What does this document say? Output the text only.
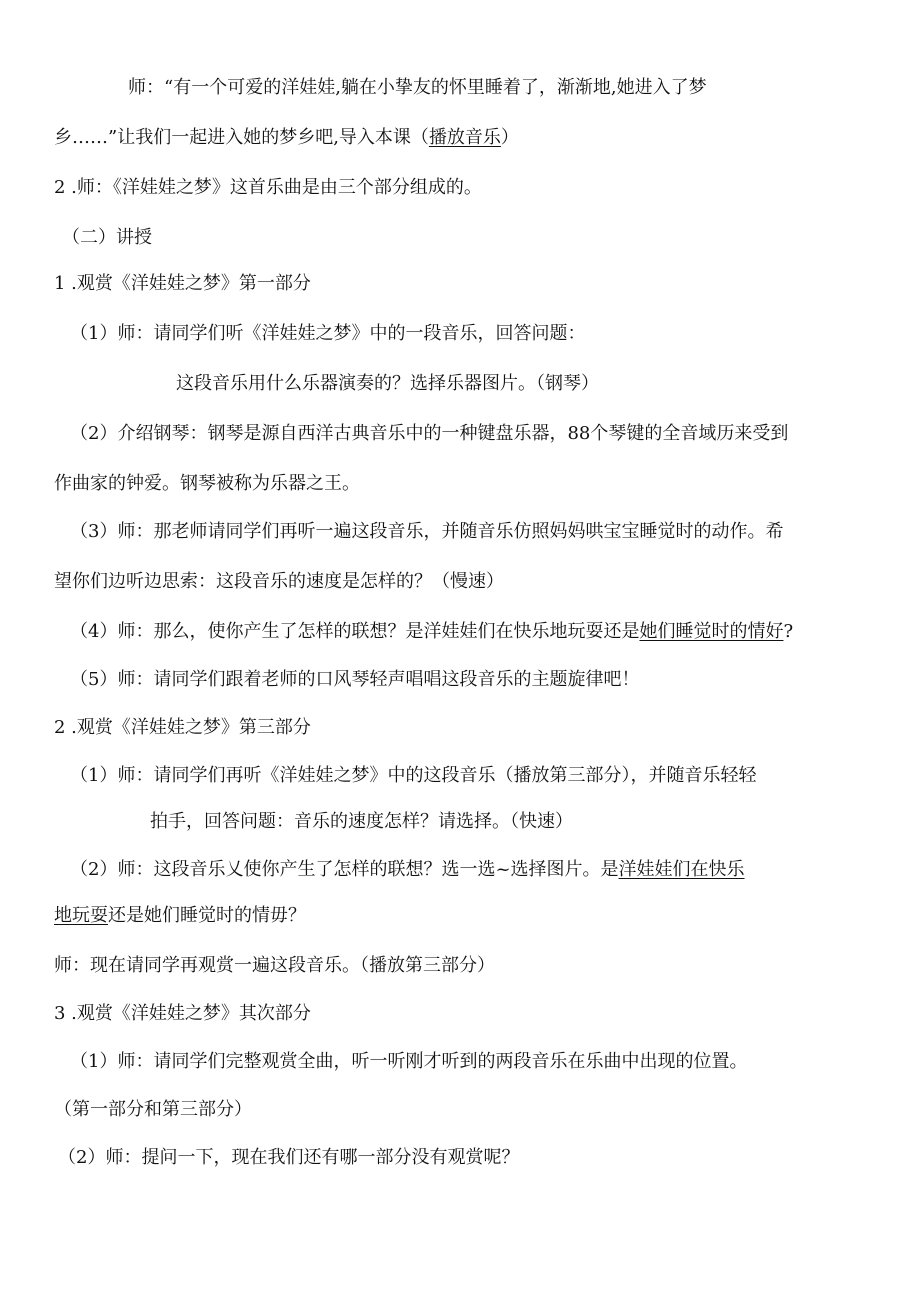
师：“有一个可爱的洋娃娃,躺在小挚友的怀里睡着了，渐渐地,她进入了梦
乡……”让我们一起进入她的梦乡吧,导入本课（播放音乐）
2 .师：《洋娃娃之梦》这首乐曲是由三个部分组成的。
（二）讲授
1 .观赏《洋娃娃之梦》第一部分
（1）师：请同学们听《洋娃娃之梦》中的一段音乐，回答问题：
这段音乐用什么乐器演奏的？选择乐器图片。（钢琴）
（2）介绍钢琴：钢琴是源自西洋古典音乐中的一种键盘乐器，88个琴键的全音域历来受到
作曲家的钟爱。钢琴被称为乐器之王。
（3）师：那老师请同学们再听一遍这段音乐，并随音乐仿照妈妈哄宝宝睡觉时的动作。希
望你们边听边思索：这段音乐的速度是怎样的？（慢速）
（4）师：那么，使你产生了怎样的联想？是洋娃娃们在快乐地玩耍还是她们睡觉时的情好?
（5）师：请同学们跟着老师的口风琴轻声唱唱这段音乐的主题旋律吧！
2 .观赏《洋娃娃之梦》第三部分
（1）师：请同学们再听《洋娃娃之梦》中的这段音乐（播放第三部分），并随音乐轻轻
拍手，回答问题：音乐的速度怎样？请选择。（快速）
（2）师：这段音乐乂使你产生了怎样的联想？选一选~选择图片。是洋娃娃们在快乐
地玩耍还是她们睡觉时的情毋？
师：现在请同学再观赏一遍这段音乐。（播放第三部分）
3 .观赏《洋娃娃之梦》其次部分
（1）师：请同学们完整观赏全曲，听一听刚才听到的两段音乐在乐曲中出现的位置。
（第一部分和第三部分）
（2）师：提问一下，现在我们还有哪一部分没有观赏呢？
